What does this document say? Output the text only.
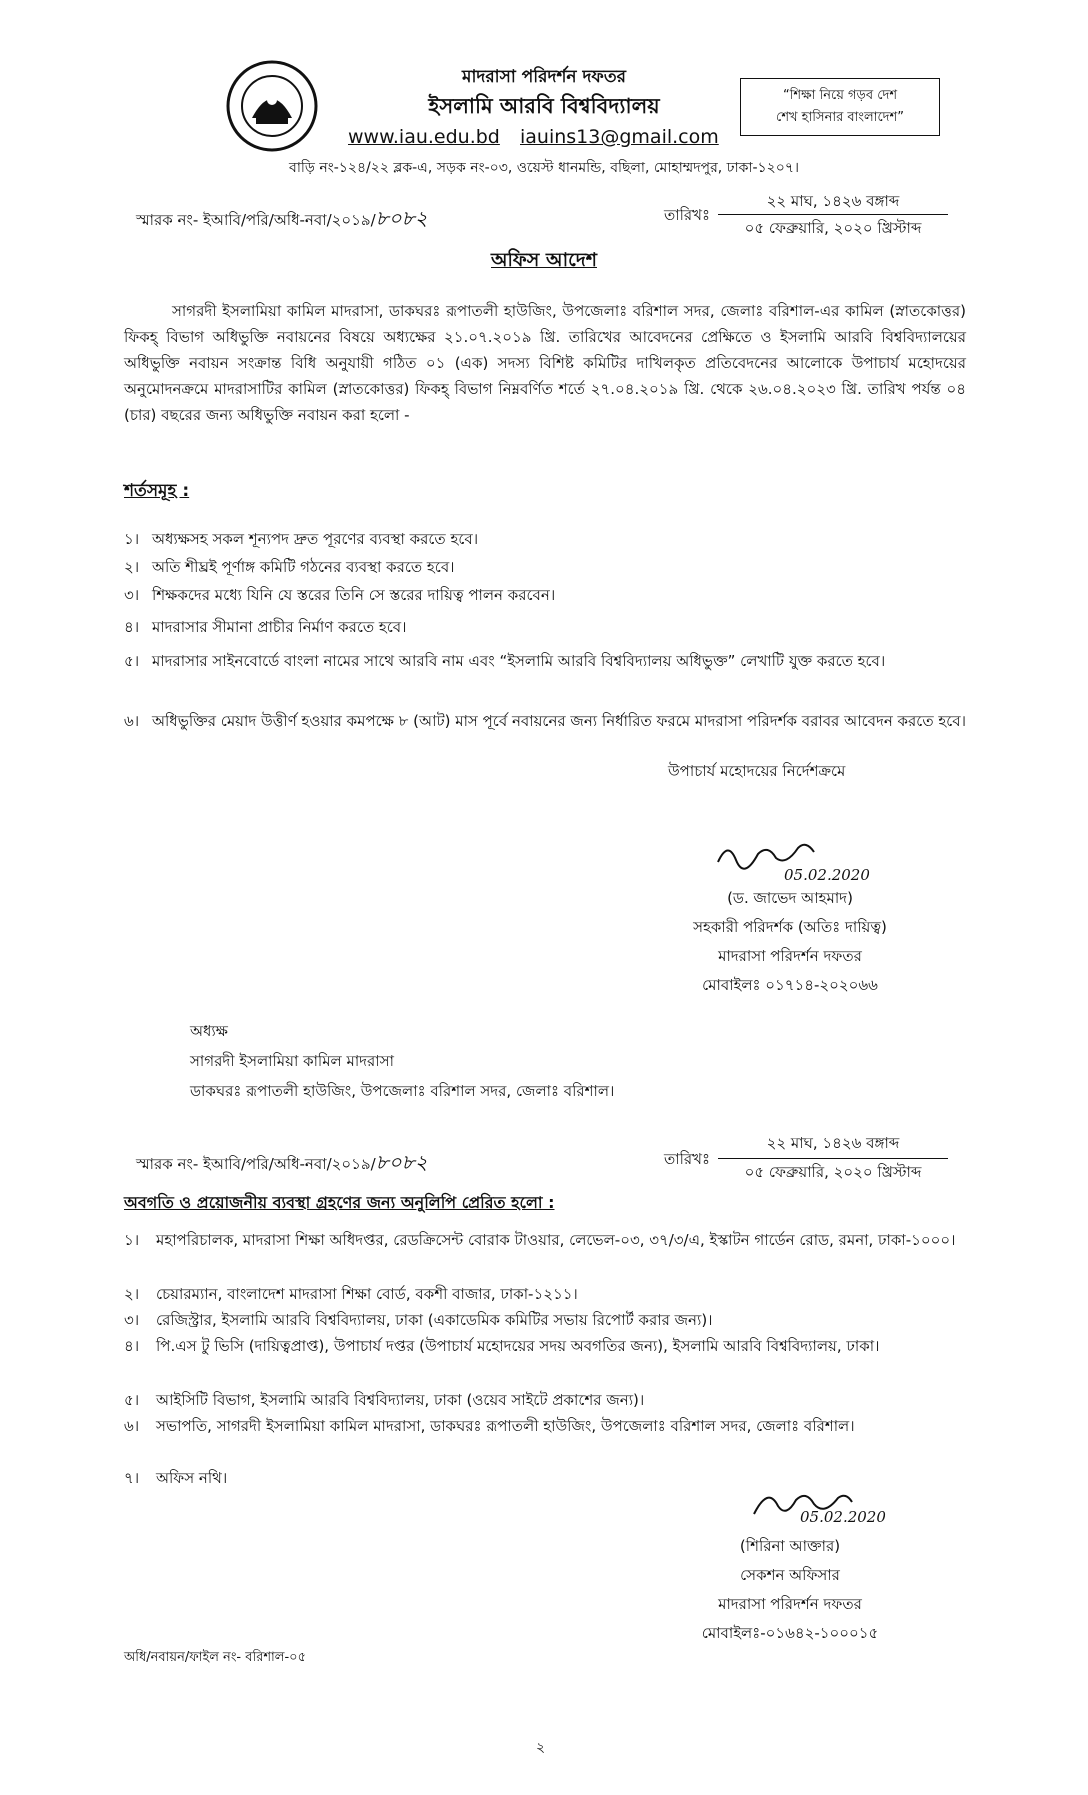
মাদরাসা পরিদর্শন দফতর
ইসলামি আরবি বিশ্ববিদ্যালয়
www.iau.edu.bd iauins13@gmail.com
বাড়ি নং-১২৪/২২ ব্লক-এ, সড়ক নং-০৩, ওয়েস্ট ধানমন্ডি, বছিলা, মোহাম্মদপুর, ঢাকা-১২০৭।
“শিক্ষা নিয়ে গড়ব দেশ
শেখ হাসিনার বাংলাদেশ”
স্মারক নং- ইআবি/পরি/অধি-নবা/২০১৯/৮০৮২	তারিখঃ
২২ মাঘ, ১৪২৬ বঙ্গাব্দ
০৫ ফেব্রুয়ারি, ২০২০ খ্রিস্টাব্দ
অফিস আদেশ
সাগরদী ইসলামিয়া কামিল মাদরাসা, ডাকঘরঃ রূপাতলী হাউজিং, উপজেলাঃ বরিশাল সদর, জেলাঃ বরিশাল-এর কামিল (স্নাতকোত্তর) ফিকহ্ বিভাগ অধিভুক্তি নবায়নের বিষয়ে অধ্যক্ষের ২১.০৭.২০১৯ খ্রি. তারিখের আবেদনের প্রেক্ষিতে ও ইসলামি আরবি বিশ্ববিদ্যালয়ের অধিভুক্তি নবায়ন সংক্রান্ত বিধি অনুযায়ী গঠিত ০১ (এক) সদস্য বিশিষ্ট কমিটির দাখিলকৃত প্রতিবেদনের আলোকে উপাচার্য মহোদয়ের অনুমোদনক্রমে মাদরাসাটির কামিল (স্নাতকোত্তর) ফিকহ্ বিভাগ নিম্নবর্ণিত শর্তে ২৭.০৪.২০১৯ খ্রি. থেকে ২৬.০৪.২০২৩ খ্রি. তারিখ পর্যন্ত ০৪ (চার) বছরের জন্য অধিভুক্তি নবায়ন করা হলো -
শর্তসমূহ :
১। অধ্যক্ষসহ সকল শূন্যপদ দ্রুত পূরণের ব্যবস্থা করতে হবে।
২। অতি শীঘ্রই পূর্ণাঙ্গ কমিটি গঠনের ব্যবস্থা করতে হবে।
৩। শিক্ষকদের মধ্যে যিনি যে স্তরের তিনি সে স্তরের দায়িত্ব পালন করবেন।
৪। মাদরাসার সীমানা প্রাচীর নির্মাণ করতে হবে।
৫। মাদরাসার সাইনবোর্ডে বাংলা নামের সাথে আরবি নাম এবং “ইসলামি আরবি বিশ্ববিদ্যালয় অধিভুক্ত” লেখাটি যুক্ত করতে হবে।
৬। অধিভুক্তির মেয়াদ উত্তীর্ণ হওয়ার কমপক্ষে ৮ (আট) মাস পূর্বে নবায়নের জন্য নির্ধারিত ফরমে মাদরাসা পরিদর্শক বরাবর আবেদন করতে হবে।
উপাচার্য মহোদয়ের নির্দেশক্রমে
05.02.2020
(ড. জাভেদ আহমাদ)
সহকারী পরিদর্শক (অতিঃ দায়িত্ব)
মাদরাসা পরিদর্শন দফতর
মোবাইলঃ ০১৭১৪-২০২০৬৬
অধ্যক্ষ
সাগরদী ইসলামিয়া কামিল মাদরাসা
ডাকঘরঃ রূপাতলী হাউজিং, উপজেলাঃ বরিশাল সদর, জেলাঃ বরিশাল।
স্মারক নং- ইআবি/পরি/অধি-নবা/২০১৯/৮০৮২	তারিখঃ
২২ মাঘ, ১৪২৬ বঙ্গাব্দ
০৫ ফেব্রুয়ারি, ২০২০ খ্রিস্টাব্দ
অবগতি ও প্রয়োজনীয় ব্যবস্থা গ্রহণের জন্য অনুলিপি প্রেরিত হলো :
১।	মহাপরিচালক, মাদরাসা শিক্ষা অধিদপ্তর, রেডক্রিসেন্ট বোরাক টাওয়ার, লেভেল-০৩, ৩৭/৩/এ, ইস্কাটন গার্ডেন রোড, রমনা, ঢাকা-১০০০।
২।	চেয়ারম্যান, বাংলাদেশ মাদরাসা শিক্ষা বোর্ড, বকশী বাজার, ঢাকা-১২১১।
৩।	রেজিস্ট্রার, ইসলামি আরবি বিশ্ববিদ্যালয়, ঢাকা (একাডেমিক কমিটির সভায় রিপোর্ট করার জন্য)।
৪।	পি.এস টু ভিসি (দায়িত্বপ্রাপ্ত), উপাচার্য দপ্তর (উপাচার্য মহোদয়ের সদয় অবগতির জন্য), ইসলামি আরবি বিশ্ববিদ্যালয়, ঢাকা।
৫।	আইসিটি বিভাগ, ইসলামি আরবি বিশ্ববিদ্যালয়, ঢাকা (ওয়েব সাইটে প্রকাশের জন্য)।
৬।	সভাপতি, সাগরদী ইসলামিয়া কামিল মাদরাসা, ডাকঘরঃ রূপাতলী হাউজিং, উপজেলাঃ বরিশাল সদর, জেলাঃ বরিশাল।
৭।	অফিস নথি।
05.02.2020
(শিরিনা আক্তার)
সেকশন অফিসার
মাদরাসা পরিদর্শন দফতর
মোবাইলঃ-০১৬৪২-১০০০১৫
অধি/নবায়ন/ফাইল নং- বরিশাল-০৫
২
